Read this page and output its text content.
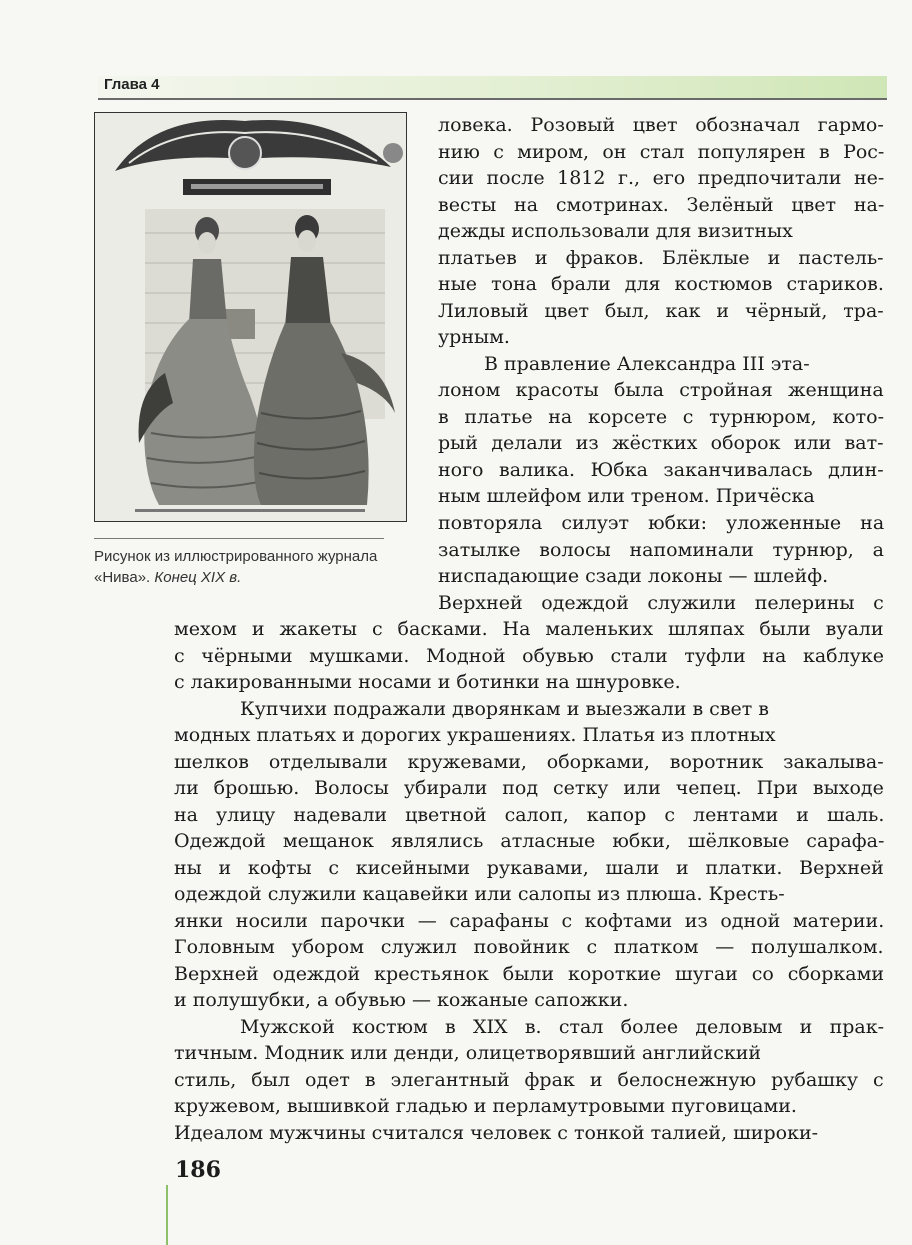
Глава 4
Рисунок из иллюстрированного журнала «Нива». Конец XIX в.
ловека. Розовый цвет обозначал гармо-
нию с миром, он стал популярен в Рос-
сии после 1812 г., его предпочитали не-
весты на смотринах. Зелёный цвет на-
дежды использовали для визитных
платьев и фраков. Блёклые и пастель-
ные тона брали для костюмов стариков.
Лиловый цвет был, как и чёрный, тра-
урным.
В правление Александра III эта-
лоном красоты была стройная женщина
в платье на корсете с турнюром, кото-
рый делали из жёстких оборок или ват-
ного валика. Юбка заканчивалась длин-
ным шлейфом или треном. Причёска
повторяла силуэт юбки: уложенные на
затылке волосы напоминали турнюр, а
ниспадающие сзади локоны — шлейф.
Верхней одеждой служили пелерины с
мехом и жакеты с басками. На маленьких шляпах были вуали
с чёрными мушками. Модной обувью стали туфли на каблуке
с лакированными носами и ботинки на шнуровке.
Купчихи подражали дворянкам и выезжали в свет в
модных платьях и дорогих украшениях. Платья из плотных
шелков отделывали кружевами, оборками, воротник закалыва-
ли брошью. Волосы убирали под сетку или чепец. При выходе
на улицу надевали цветной салоп, капор с лентами и шаль.
Одеждой мещанок являлись атласные юбки, шёлковые сарафа-
ны и кофты с кисейными рукавами, шали и платки. Верхней
одеждой служили кацавейки или салопы из плюша. Кресть-
янки носили парочки — сарафаны с кофтами из одной материи.
Головным убором служил повойник с платком — полушалком.
Верхней одеждой крестьянок были короткие шугаи со сборками
и полушубки, а обувью — кожаные сапожки.
Мужской костюм в XIX в. стал более деловым и прак-
тичным. Модник или денди, олицетворявший английский
стиль, был одет в элегантный фрак и белоснежную рубашку с
кружевом, вышивкой гладью и перламутровыми пуговицами.
Идеалом мужчины считался человек с тонкой талией, широки-
186
